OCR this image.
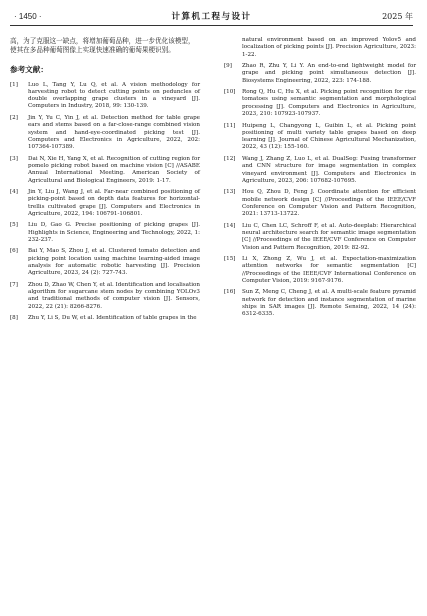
· 1450 ·	计算机工程与设计	2025 年

高，为了克服这一缺点，将增加葡萄品种，进一步优化该模型，使其在多品种葡萄图像上实现快速准确的葡萄果梗识别。

参考文献：
[1] Luo L, Tang Y, Lu Q, et al. A vision methodology for harvesting robot to detect cutting points on peduncles of double overlapping grape clusters in a vineyard [J]. Computers in Industry, 2018, 99: 130-139.
[2] Jin Y, Yu C, Yin J, et al. Detection method for table grape ears and stems based on a far-close-range combined vision system and hand-eye-coordinated picking test [J]. Computers and Electronics in Agriculture, 2022, 202: 107364-107389.
[3] Dai N, Xie H, Yang X, et al. Recognition of cutting region for pomelo picking robot based on machine vision [C] //ASABE Annual International Meeting. American Society of Agricultural and Biological Engineers, 2019: 1-17.
[4] Jin Y, Liu J, Wang J, et al. Far-near combined positioning of picking-point based on depth data features for horizontal-trellis cultivated grape [J]. Computers and Electronics in Agriculture, 2022, 194: 106791-106801.
[5] Liu D, Gao G. Precise positioning of picking grapes [J]. Highlights in Science, Engineering and Technology, 2022, 1: 232-237.
[6] Bai Y, Mao S, Zhou J, et al. Clustered tomato detection and picking point location using machine learning-aided image analysis for automatic robotic harvesting [J]. Precision Agriculture, 2023, 24 (2): 727-743.
[7] Zhou D, Zhao W, Chen Y, et al. Identification and localisation algorithm for sugarcane stem nodes by combining YOLOv3 and traditional methods of computer vision [J]. Sensors, 2022, 22 (21): 8266-8276.
[8] Zhu Y, Li S, Du W, et al. Identification of table grapes in the
natural environment based on an improved Yolov5 and localization of picking points [J]. Precision Agriculture, 2023: 1-22.
[9] Zhao R, Zhu Y, Li Y. An end-to-end lightweight model for grape and picking point simultaneous detection [J]. Biosystems Engineering, 2022, 223: 174-188.
[10] Rong Q, Hu C, Hu X, et al. Picking point recognition for ripe tomatoes using semantic segmentation and morphological processing [J]. Computers and Electronics in Agriculture, 2023, 210: 107923-107937.
[11] Huipeng L, Changyong L, Guibin L, et al. Picking point positioning of multi variety table grapes based on deep learning [J]. Journal of Chinese Agricultural Mechanization, 2022, 43 (12): 155-160.
[12] Wang J, Zhang Z, Luo L, et al. DualSeg: Fusing transformer and CNN structure for image segmentation in complex vineyard environment [J]. Computers and Electronics in Agriculture, 2023, 206: 107682-107695.
[13] Hou Q, Zhou D, Feng J. Coordinate attention for efficient mobile network design [C] //Proceedings of the IEEE/CVF Conference on Computer Vision and Pattern Recognition, 2021: 13713-13722.
[14] Liu C, Chen LC, Schroff F, et al. Auto-deeplab: Hierarchical neural architecture search for semantic image segmentation [C] //Proceedings of the IEEE/CVF Conference on Computer Vision and Pattern Recognition, 2019: 82-92.
[15] Li X, Zhong Z, Wu J, et al. Expectation-maximization attention networks for semantic segmentation [C] //Proceedings of the IEEE/CVF International Conference on Computer Vision, 2019: 9167-9176.
[16] Sun Z, Meng C, Cheng J, et al. A multi-scale feature pyramid network for detection and instance segmentation of marine ships in SAR images [J]. Remote Sensing, 2022, 14 (24): 6312-6335.
